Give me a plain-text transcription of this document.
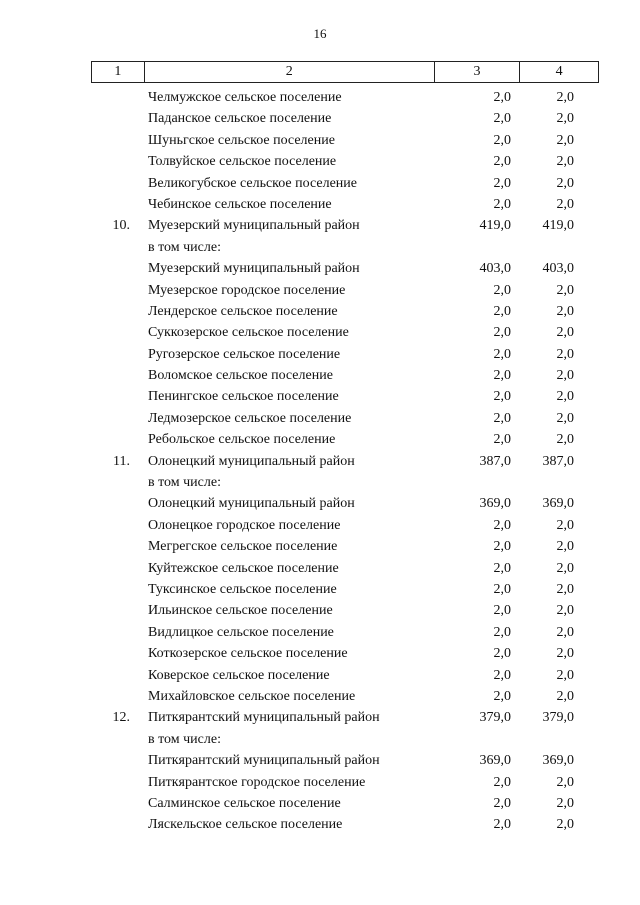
16
1	2	3	4
Челмужское сельское поселение	2,0	2,0
Паданское сельское поселение	2,0	2,0
Шуньгское сельское поселение	2,0	2,0
Толвуйское сельское поселение	2,0	2,0
Великогубское сельское поселение	2,0	2,0
Чебинское сельское поселение	2,0	2,0
10.	Муезерский муниципальный район	419,0	419,0
в том числе:
Муезерский муниципальный район	403,0	403,0
Муезерское городское поселение	2,0	2,0
Лендерское сельское поселение	2,0	2,0
Суккозерское сельское поселение	2,0	2,0
Ругозерское сельское поселение	2,0	2,0
Воломское сельское поселение	2,0	2,0
Пенингское сельское поселение	2,0	2,0
Ледмозерское сельское поселение	2,0	2,0
Ребольское сельское поселение	2,0	2,0
11.	Олонецкий муниципальный район	387,0	387,0
в том числе:
Олонецкий муниципальный район	369,0	369,0
Олонецкое городское поселение	2,0	2,0
Мегрегское сельское поселение	2,0	2,0
Куйтежское сельское поселение	2,0	2,0
Туксинское сельское поселение	2,0	2,0
Ильинское сельское поселение	2,0	2,0
Видлицкое сельское поселение	2,0	2,0
Коткозерское сельское поселение	2,0	2,0
Коверское сельское поселение	2,0	2,0
Михайловское сельское поселение	2,0	2,0
12.	Питкярантский муниципальный район	379,0	379,0
в том числе:
Питкярантский муниципальный район	369,0	369,0
Питкярантское городское поселение	2,0	2,0
Салминское сельское поселение	2,0	2,0
Ляскельское сельское поселение	2,0	2,0
